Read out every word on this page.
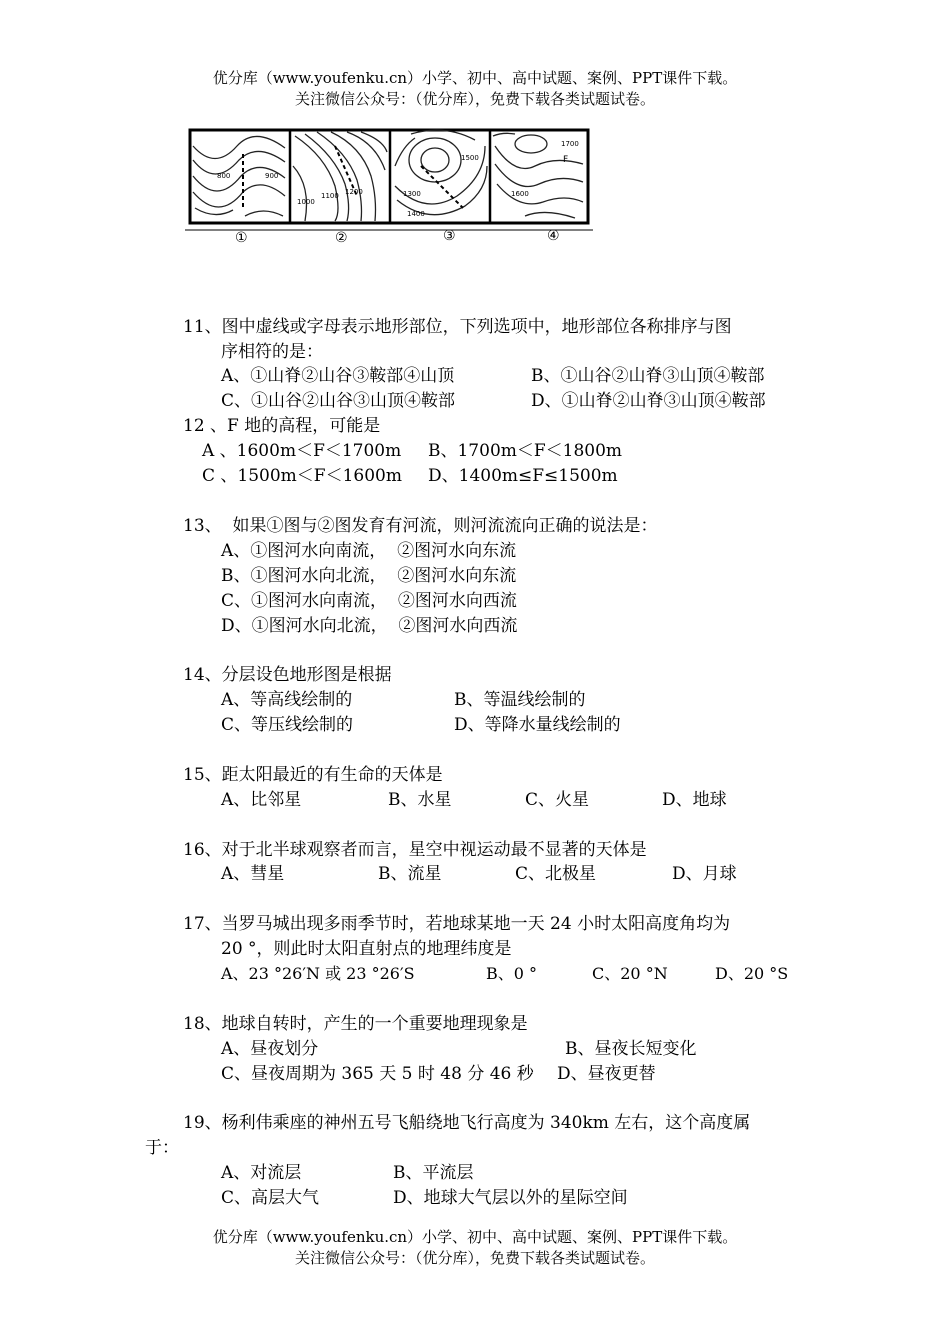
优分库（www.youfenku.cn）小学、初中、高中试题、案例、PPT课件下载。
关注微信公众号：（优分库），免费下载各类试题试卷。
800	900
1000
1100 1200	1300
1400
1500
1600
1700
F
①	②	③	④
11、图中虚线或字母表示地形部位，下列选项中，地形部位各称排序与图
序相符的是：
A、①山脊②山谷③鞍部④山顶	B、①山谷②山脊③山顶④鞍部
C、①山谷②山谷③山顶④鞍部	D、①山脊②山脊③山顶④鞍部
12 、F 地的高程，可能是
A 、1600m＜F＜1700m B、1700m＜F＜1800m
C 、1500m＜F＜1600m D、1400m≤F≤1500m
13、  如果①图与②图发育有河流，则河流流向正确的说法是：
A、①图河水向南流，  ②图河水向东流
B、①图河水向北流，  ②图河水向东流
C、①图河水向南流，  ②图河水向西流
D、①图河水向北流，  ②图河水向西流
14、分层设色地形图是根据
A、等高线绘制的	B、等温线绘制的
C、等压线绘制的	D、等降水量线绘制的
15、距太阳最近的有生命的天体是
A、比邻星	B、水星	C、火星	D、地球
16、对于北半球观察者而言，星空中视运动最不显著的天体是
A、彗星	B、流星	C、北极星	D、月球
17、当罗马城出现多雨季节时，若地球某地一天 24 小时太阳高度角均为
20 °，则此时太阳直射点的地理纬度是
A、23 °26′N 或 23 °26′S	B、0 °	C、20 °N	D、20 °S
18、地球自转时，产生的一个重要地理现象是
A、昼夜划分	B、昼夜长短变化
C、昼夜周期为 365 天 5 时 48 分 46 秒 D、昼夜更替
19、杨利伟乘座的神州五号飞船绕地飞行高度为 340km 左右，这个高度属
于：
A、对流层	B、平流层
C、高层大气	D、地球大气层以外的星际空间
优分库（www.youfenku.cn）小学、初中、高中试题、案例、PPT课件下载。
关注微信公众号：（优分库），免费下载各类试题试卷。
